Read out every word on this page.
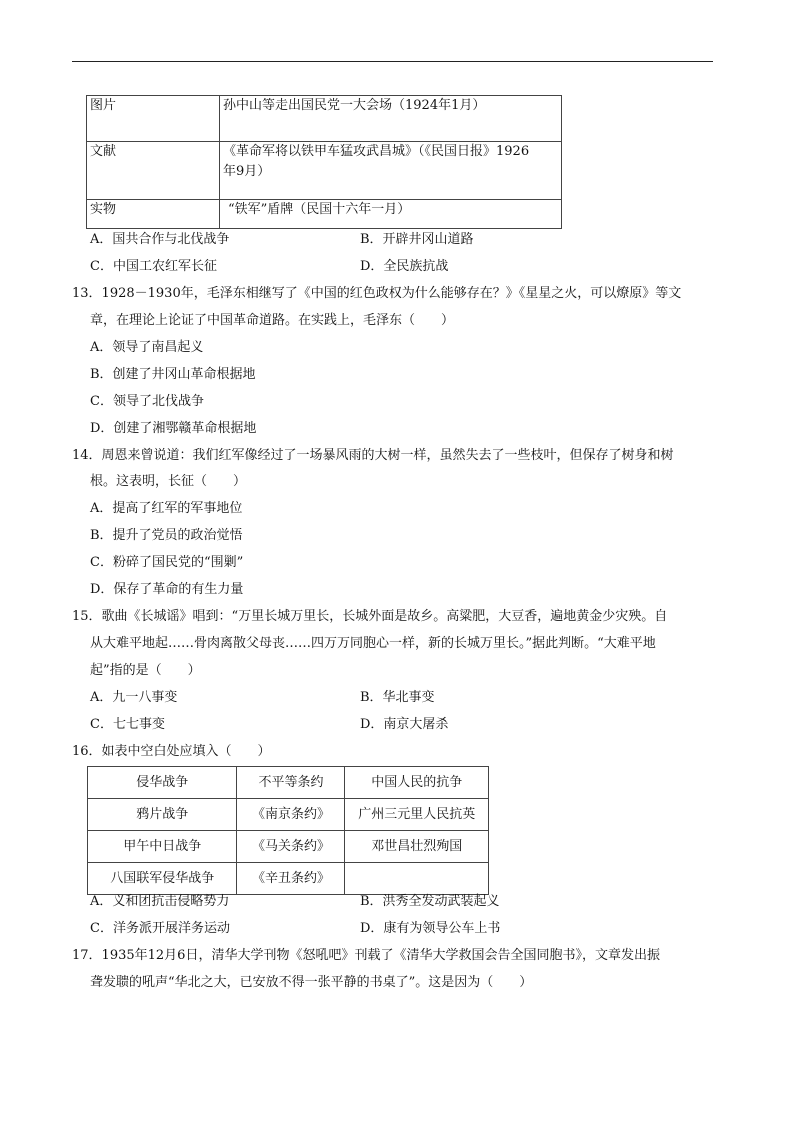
图片	孙中山等走出国民党一大会场（1924年1月）
文献	《革命军将以铁甲车猛攻武昌城》（《民国日报》1926
年9月）

实物	“铁军”盾牌（民国十六年一月）
A．国共合作与北伐战争	B．开辟井冈山道路
C．中国工农红军长征	D．全民族抗战
13．1928－1930年，毛泽东相继写了《中国的红色政权为什么能够存在？》《星星之火，可以燎原》等文
章，在理论上论证了中国革命道路。在实践上，毛泽东（　　）
A．领导了南昌起义
B．创建了井冈山革命根据地
C．领导了北伐战争
D．创建了湘鄂赣革命根据地
14．周恩来曾说道：我们红军像经过了一场暴风雨的大树一样，虽然失去了一些枝叶，但保存了树身和树
根。这表明，长征（　　）
A．提高了红军的军事地位
B．提升了党员的政治觉悟
C．粉碎了国民党的“围剿”
D．保存了革命的有生力量
15．歌曲《长城谣》唱到：“万里长城万里长，长城外面是故乡。高粱肥，大豆香，遍地黄金少灾殃。自
从大难平地起……骨肉离散父母丧……四万万同胞心一样，新的长城万里长。”据此判断。“大难平地
起”指的是（　　）
A．九一八事变	B．华北事变
C．七七事变	D．南京大屠杀
16．如表中空白处应填入（　　）
侵华战争	不平等条约	中国人民的抗争
鸦片战争	《南京条约》	广州三元里人民抗英
甲午中日战争	《马关条约》	邓世昌壮烈殉国
八国联军侵华战争	《辛丑条约》	
A．义和团抗击侵略势力	B．洪秀全发动武装起义
C．洋务派开展洋务运动	D．康有为领导公车上书
17．1935年12月6日，清华大学刊物《怒吼吧》刊载了《清华大学救国会告全国同胞书》，文章发出振
聋发聩的吼声“华北之大，已安放不得一张平静的书桌了”。这是因为（　　）
